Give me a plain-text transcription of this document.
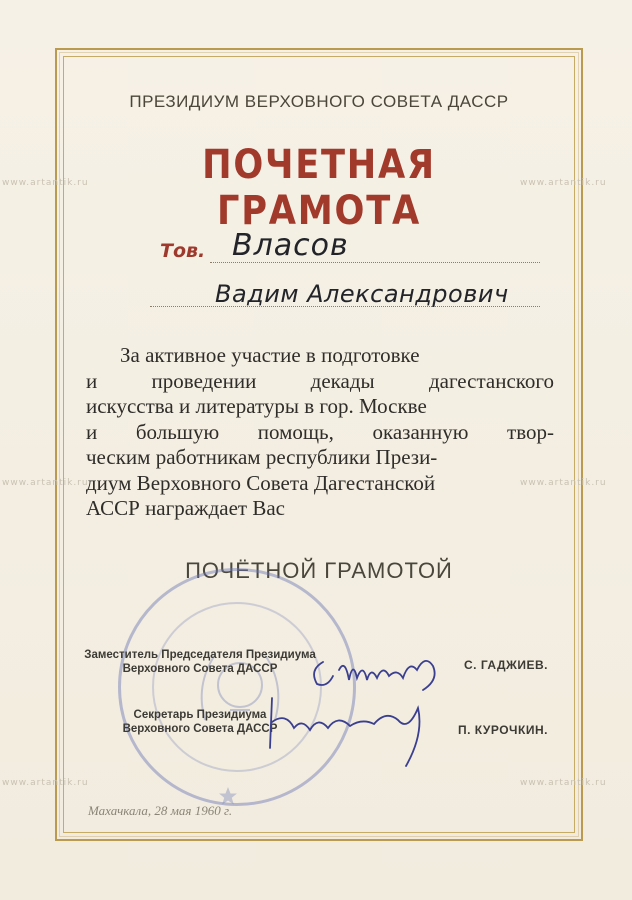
www.artantik.ru	www.artantik.ru
www.artantik.ru	www.artantik.ru
www.artantik.ru	www.artantik.ru
ПРЕЗИДИУМ ВЕРХОВНОГО СОВЕТА ДАССР
ПОЧЕТНАЯ ГРАМОТА
Тов. Власов
Вадим Александрович
За активное участие в подготовке
и проведении декады дагестанского
искусства и литературы в гор. Москве
и большую помощь, оказанную твор-
ческим работникам республики Прези-
диум Верховного Совета Дагестанской
АССР награждает Вас
ПОЧЁТНОЙ ГРАМОТОЙ
Заместитель Председателя Президиума
Верховного Совета ДАССР	С. ГАДЖИЕВ.
Секретарь Президиума
Верховного Совета ДАССР	П. КУРОЧКИН.
Махачкала, 28 мая 1960 г.
